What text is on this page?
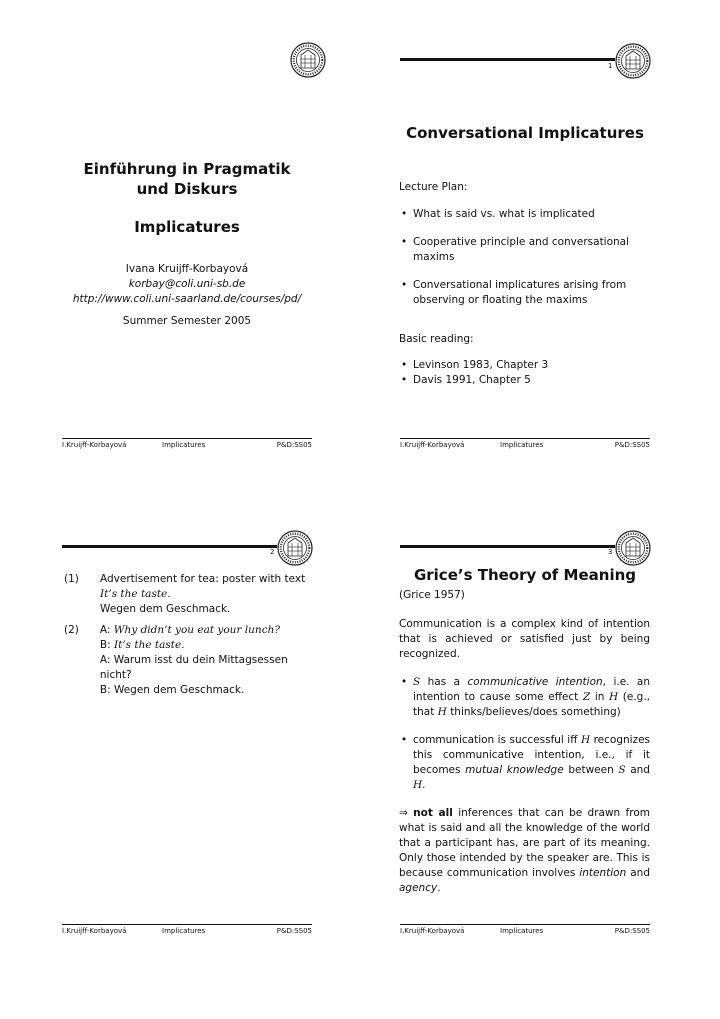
Einführung in Pragmatik
und Diskurs
Implicatures
Ivana Kruijff-Korbayová
korbay@coli.uni-sb.de
http://www.coli.uni-saarland.de/courses/pd/
Summer Semester 2005
I.Kruijff-Korbayová	Implicatures	P&D:SS05
1
Conversational Implicatures
Lecture Plan:
• What is said vs. what is implicated
• Cooperative principle and conversational maxims
• Conversational implicatures arising from observing or floating the maxims
Basic reading:
• Levinson 1983, Chapter 3
• Davis 1991, Chapter 5
I.Kruijff-Korbayová	Implicatures	P&D:SS05
2
(1)	Advertisement for tea: poster with text
It’s the taste.
Wegen dem Geschmack.
(2)	A: Why didn’t you eat your lunch?
B: It’s the taste.
A: Warum isst du dein Mittagsessen nicht?
B: Wegen dem Geschmack.
I.Kruijff-Korbayová	Implicatures	P&D:SS05
3
Grice’s Theory of Meaning
(Grice 1957)
Communication is a complex kind of intention that is achieved or satisfied just by being recognized.
• S has a communicative intention, i.e. an intention to cause some effect Z in H (e.g., that H thinks/believes/does something)
• communication is successful iff H recognizes this communicative intention, i.e., if it becomes mutual knowledge between S and H.
⇒ not all inferences that can be drawn from what is said and all the knowledge of the world that a participant has, are part of its meaning. Only those intended by the speaker are. This is because communication involves intention and agency.
I.Kruijff-Korbayová	Implicatures	P&D:SS05
